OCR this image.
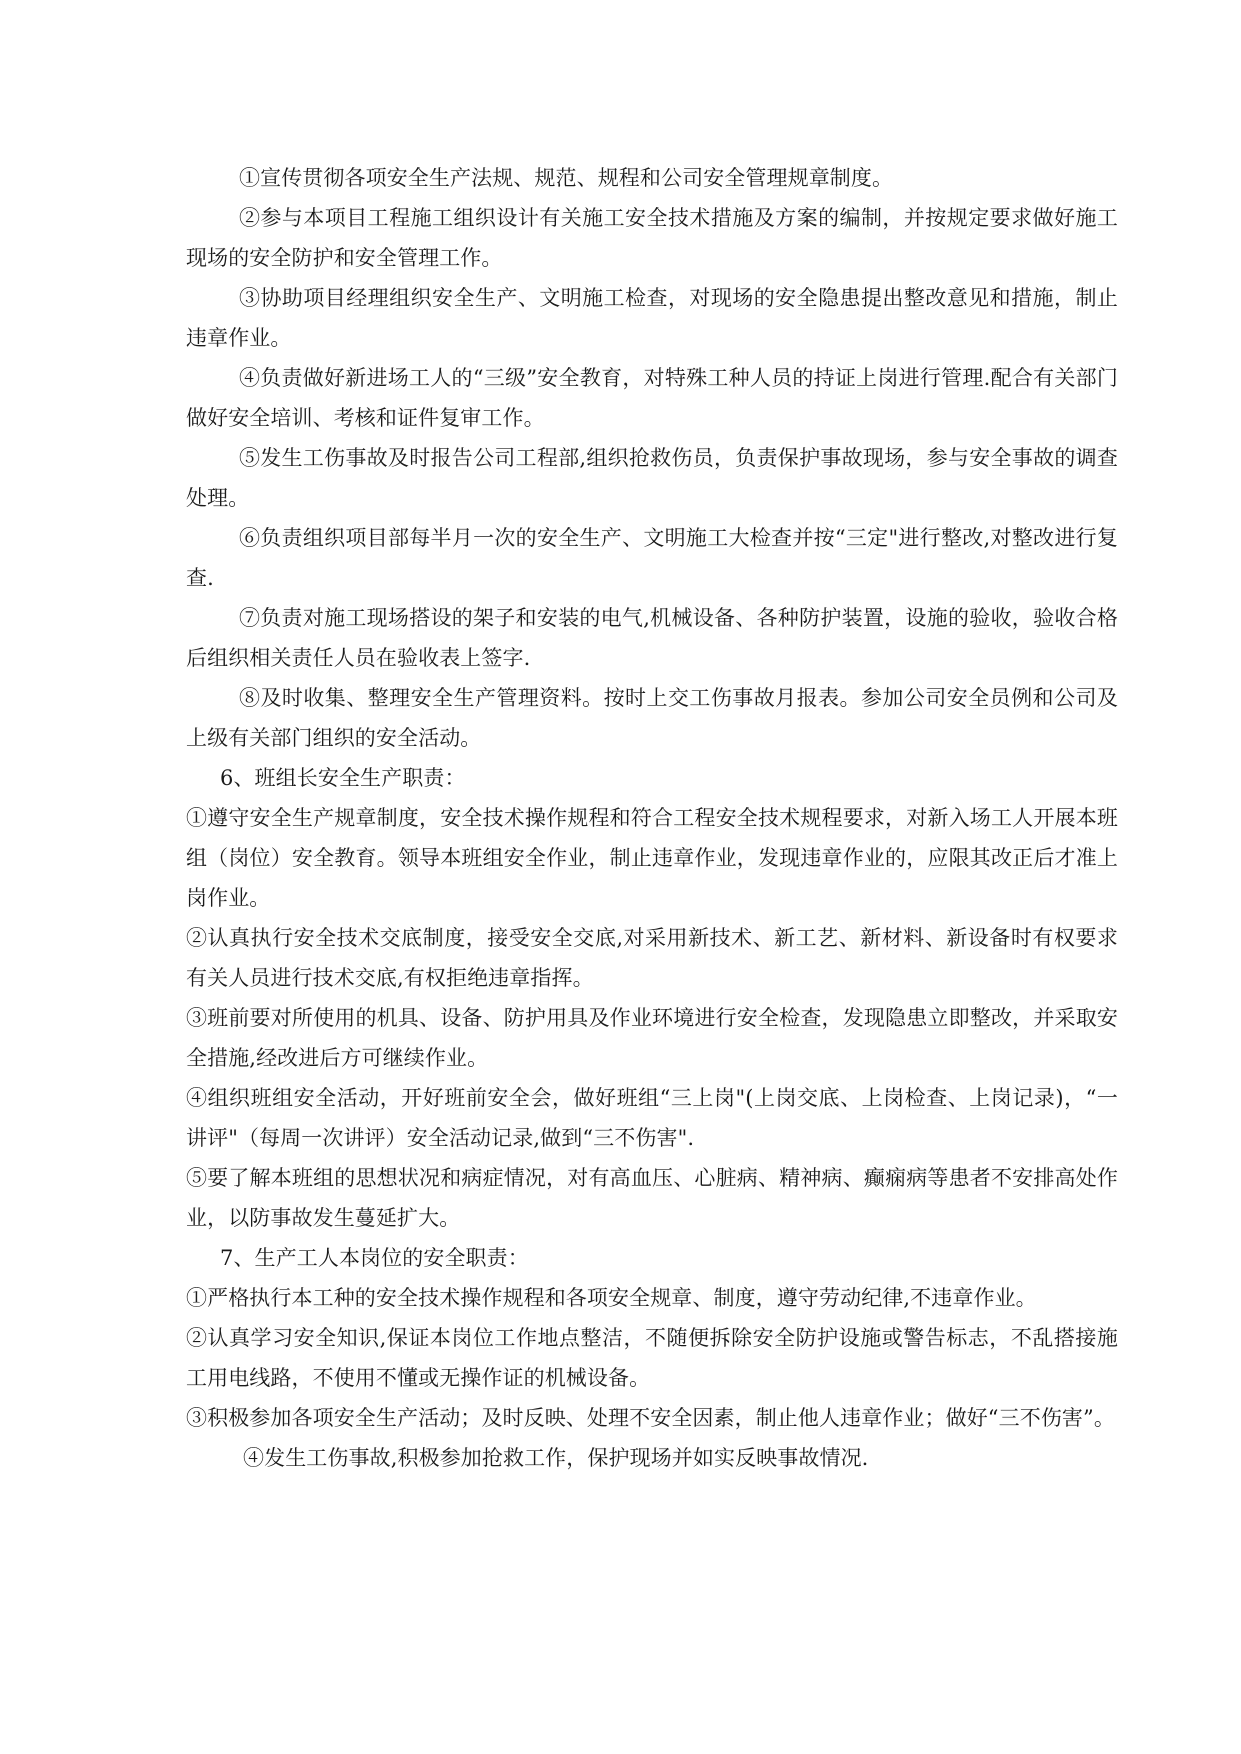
①宣传贯彻各项安全生产法规、规范、规程和公司安全管理规章制度。

②参与本项目工程施工组织设计有关施工安全技术措施及方案的编制，并按规定要求做好施工现场的安全防护和安全管理工作。

③协助项目经理组织安全生产、文明施工检查，对现场的安全隐患提出整改意见和措施，制止违章作业。

④负责做好新进场工人的“三级”安全教育，对特殊工种人员的持证上岗进行管理.配合有关部门做好安全培训、考核和证件复审工作。

⑤发生工伤事故及时报告公司工程部,组织抢救伤员，负责保护事故现场，参与安全事故的调查处理。

⑥负责组织项目部每半月一次的安全生产、文明施工大检查并按“三定"进行整改,对整改进行复查.

⑦负责对施工现场搭设的架子和安装的电气,机械设备、各种防护装置，设施的验收，验收合格后组织相关责任人员在验收表上签字.

⑧及时收集、整理安全生产管理资料。按时上交工伤事故月报表。参加公司安全员例和公司及上级有关部门组织的安全活动。

6、班组长安全生产职责：

①遵守安全生产规章制度，安全技术操作规程和符合工程安全技术规程要求，对新入场工人开展本班组（岗位）安全教育。领导本班组安全作业，制止违章作业，发现违章作业的，应限其改正后才准上岗作业。

②认真执行安全技术交底制度，接受安全交底,对采用新技术、新工艺、新材料、新设备时有权要求有关人员进行技术交底,有权拒绝违章指挥。

③班前要对所使用的机具、设备、防护用具及作业环境进行安全检查，发现隐患立即整改，并采取安全措施,经改进后方可继续作业。

④组织班组安全活动，开好班前安全会，做好班组“三上岗"(上岗交底、上岗检查、上岗记录)，“一讲评"（每周一次讲评）安全活动记录,做到“三不伤害".

⑤要了解本班组的思想状况和病症情况，对有高血压、心脏病、精神病、癫痫病等患者不安排高处作业，以防事故发生蔓延扩大。

7、生产工人本岗位的安全职责：

①严格执行本工种的安全技术操作规程和各项安全规章、制度，遵守劳动纪律,不违章作业。

②认真学习安全知识,保证本岗位工作地点整洁，不随便拆除安全防护设施或警告标志，不乱搭接施工用电线路，不使用不懂或无操作证的机械设备。

③积极参加各项安全生产活动；及时反映、处理不安全因素，制止他人违章作业；做好“三不伤害”。

④发生工伤事故,积极参加抢救工作，保护现场并如实反映事故情况.
